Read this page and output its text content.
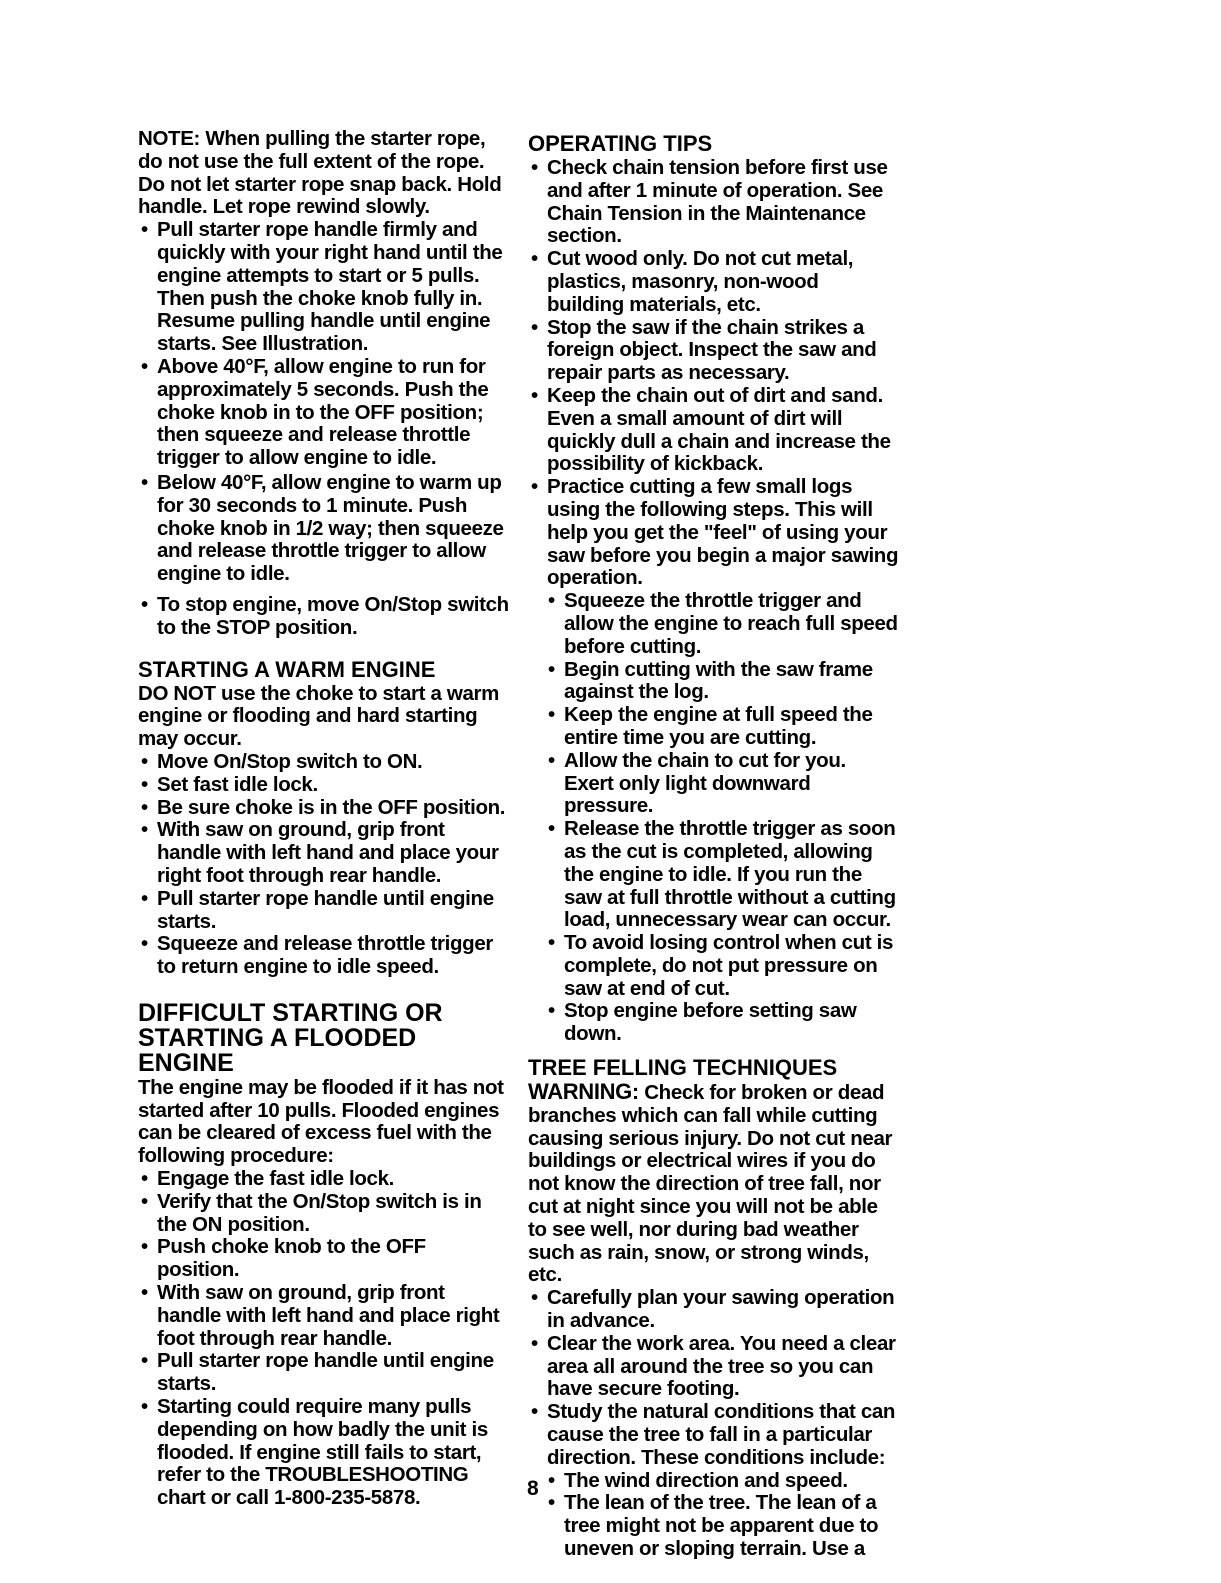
NOTE: When pulling the starter rope, do not use the full extent of the rope. Do not let starter rope snap back. Hold handle. Let rope rewind slowly.

• Pull starter rope handle firmly and quickly with your right hand until the engine attempts to start or 5 pulls. Then push the choke knob fully in. Resume pulling handle until engine starts. See Illustration.
• Above 40°F, allow engine to run for approximately 5 seconds. Push the choke knob in to the OFF position; then squeeze and release throttle trigger to allow engine to idle.
• Below 40°F, allow engine to warm up for 30 seconds to 1 minute. Push choke knob in 1/2 way; then squeeze and release throttle trigger to allow engine to idle.
• To stop engine, move On/Stop switch to the STOP position.
STARTING A WARM ENGINE

DO NOT use the choke to start a warm engine or flooding and hard starting may occur.

• Move On/Stop switch to ON.
• Set fast idle lock.
• Be sure choke is in the OFF position.
• With saw on ground, grip front handle with left hand and place your right foot through rear handle.
• Pull starter rope handle until engine starts.
• Squeeze and release throttle trigger to return engine to idle speed.
DIFFICULT STARTING OR
STARTING A FLOODED ENGINE

The engine may be flooded if it has not started after 10 pulls. Flooded engines can be cleared of excess fuel with the following procedure:

• Engage the fast idle lock.
• Verify that the On/Stop switch is in the ON position.
• Push choke knob to the OFF position.
• With saw on ground, grip front handle with left hand and place right foot through rear handle.
• Pull starter rope handle until engine starts.
• Starting could require many pulls depending on how badly the unit is flooded. If engine still fails to start, refer to the TROUBLESHOOTING chart or call 1-800-235-5878.
OPERATING TIPS
• Check chain tension before first use and after 1 minute of operation. See Chain Tension in the Maintenance section.
• Cut wood only. Do not cut metal, plastics, masonry, non-wood building materials, etc.
• Stop the saw if the chain strikes a foreign object. Inspect the saw and repair parts as necessary.
• Keep the chain out of dirt and sand. Even a small amount of dirt will quickly dull a chain and increase the possibility of kickback.
• Practice cutting a few small logs using the following steps. This will help you get the "feel" of using your saw before you begin a major sawing operation.
• Squeeze the throttle trigger and allow the engine to reach full speed before cutting.
• Begin cutting with the saw frame against the log.
• Keep the engine at full speed the entire time you are cutting.
• Allow the chain to cut for you. Exert only light downward pressure.
• Release the throttle trigger as soon as the cut is completed, allowing the engine to idle. If you run the saw at full throttle without a cutting load, unnecessary wear can occur.
• To avoid losing control when cut is complete, do not put pressure on saw at end of cut.
• Stop engine before setting saw down.
TREE FELLING TECHNIQUES

WARNING: Check for broken or dead branches which can fall while cutting causing serious injury. Do not cut near buildings or electrical wires if you do not know the direction of tree fall, nor cut at night since you will not be able to see well, nor during bad weather such as rain, snow, or strong winds, etc.

• Carefully plan your sawing operation in advance.
• Clear the work area. You need a clear area all around the tree so you can have secure footing.
• Study the natural conditions that can cause the tree to fall in a particular direction. These conditions include:
• The wind direction and speed.
• The lean of the tree. The lean of a tree might not be apparent due to uneven or sloping terrain. Use a
8
